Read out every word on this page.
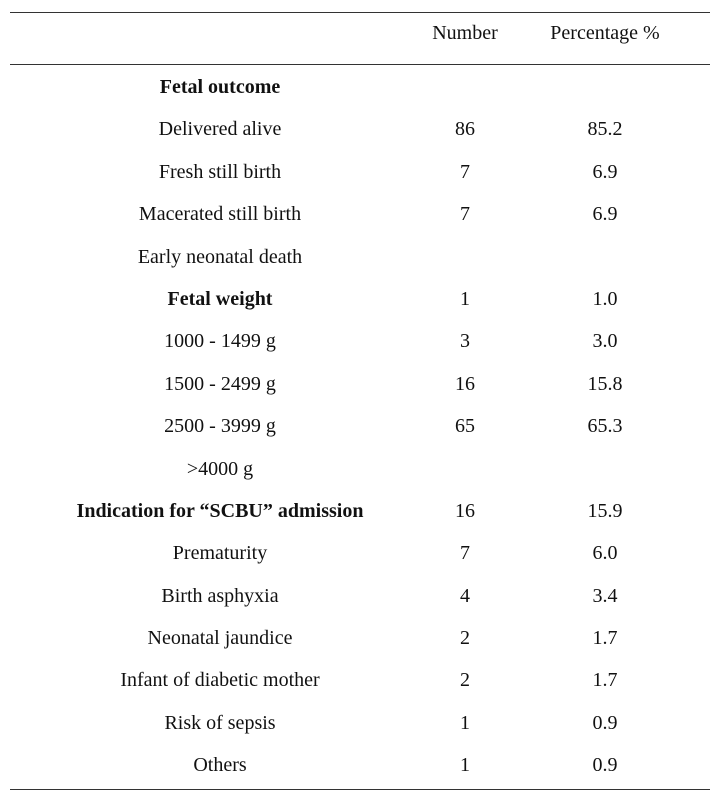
Number	Percentage %
Fetal outcome
Delivered alive	86	85.2
Fresh still birth	7	6.9
Macerated still birth	7	6.9
Early neonatal death
Fetal weight	1	1.0
1000 - 1499 g	3	3.0
1500 - 2499 g	16	15.8
2500 - 3999 g	65	65.3
>4000 g
Indication for “SCBU” admission	16	15.9
Prematurity	7	6.0
Birth asphyxia	4	3.4
Neonatal jaundice	2	1.7
Infant of diabetic mother	2	1.7
Risk of sepsis	1	0.9
Others	1	0.9
